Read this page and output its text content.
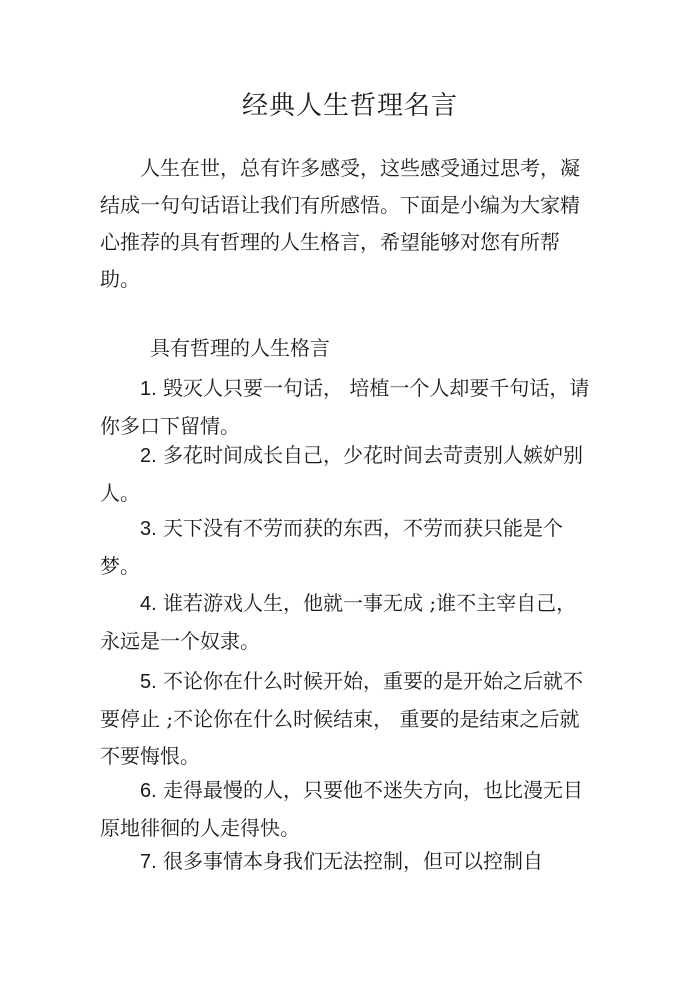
经典人生哲理名言

人生在世，总有许多感受，这些感受通过思考，凝结成一句句话语让我们有所感悟。下面是小编为大家精心推荐的具有哲理的人生格言，希望能够对您有所帮助。

具有哲理的人生格言

1. 毁灭人只要一句话， 培植一个人却要千句话，请你多口下留情。

2. 多花时间成长自己，少花时间去苛责别人嫉妒别人。

3. 天下没有不劳而获的东西，不劳而获只能是个梦。

4. 谁若游戏人生，他就一事无成 ;谁不主宰自己，永远是一个奴隶。

5. 不论你在什么时候开始，重要的是开始之后就不要停止 ;不论你在什么时候结束， 重要的是结束之后就不要悔恨。

6. 走得最慢的人，只要他不迷失方向，也比漫无目原地徘徊的人走得快。

7. 很多事情本身我们无法控制，但可以控制自
